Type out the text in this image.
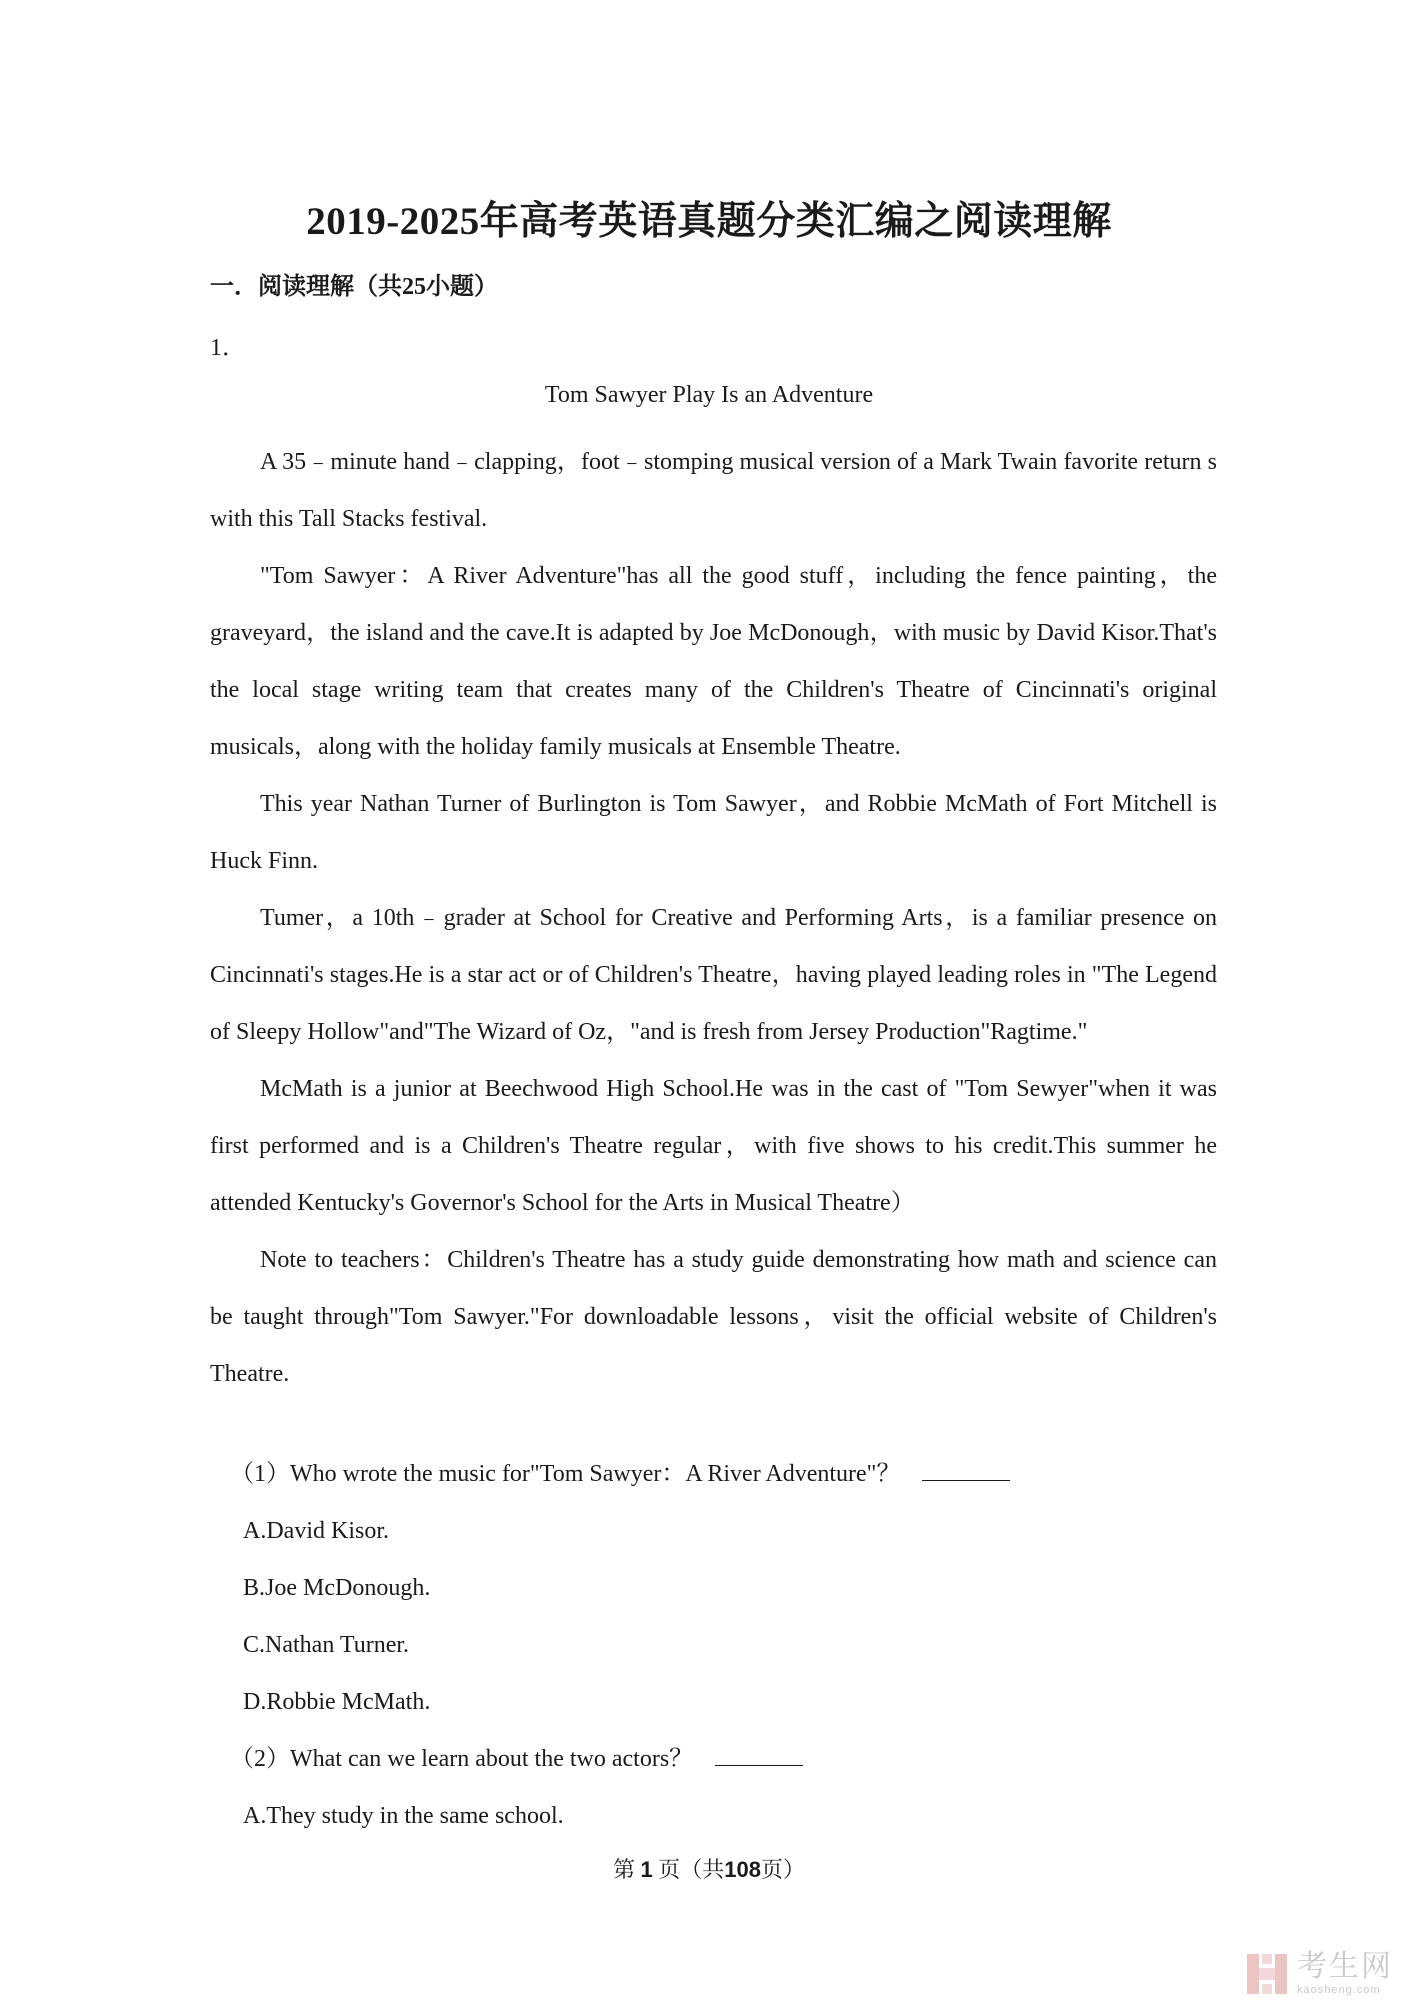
2019-2025年高考英语真题分类汇编之阅读理解
一．阅读理解（共25小题）
1．
Tom Sawyer Play Is an Adventure

A 35﹣minute hand﹣clapping，foot﹣stomping musical version of a Mark Twain favorite return s with this Tall Stacks festival.

"Tom Sawyer：A River Adventure"has all the good stuff，including the fence painting，the graveyard，the island and the cave.It is adapted by Joe McDonough，with music by David Kisor.That's the local stage writing team that creates many of the Children's Theatre of Cincinnati's original musicals，along with the holiday family musicals at Ensemble Theatre.

This year Nathan Turner of Burlington is Tom Sawyer，and Robbie McMath of Fort Mitchell is Huck Finn.

Tumer，a 10th﹣grader at School for Creative and Performing Arts，is a familiar presence on Cincinnati's stages.He is a star act or of Children's Theatre，having played leading roles in "The Legend of Sleepy Hollow"and"The Wizard of Oz，"and is fresh from Jersey Production"Ragtime."

McMath is a junior at Beechwood High School.He was in the cast of "Tom Sewyer"when it was first performed and is a Children's Theatre regular，with five shows to his credit.This summer he attended Kentucky's Governor's School for the Arts in Musical Theatre）

Note to teachers：Children's Theatre has a study guide demonstrating how math and science can be taught through"Tom Sawyer."For downloadable lessons，visit the official website of Children's Theatre.

（1）Who wrote the music for"Tom Sawyer：A River Adventure"？

A.David Kisor.

B.Joe McDonough.

C.Nathan Turner.

D.Robbie McMath.

（2）What can we learn about the two actors？

A.They study in the same school.

第 1 页（共108页）
考生网
kaosheng.com
